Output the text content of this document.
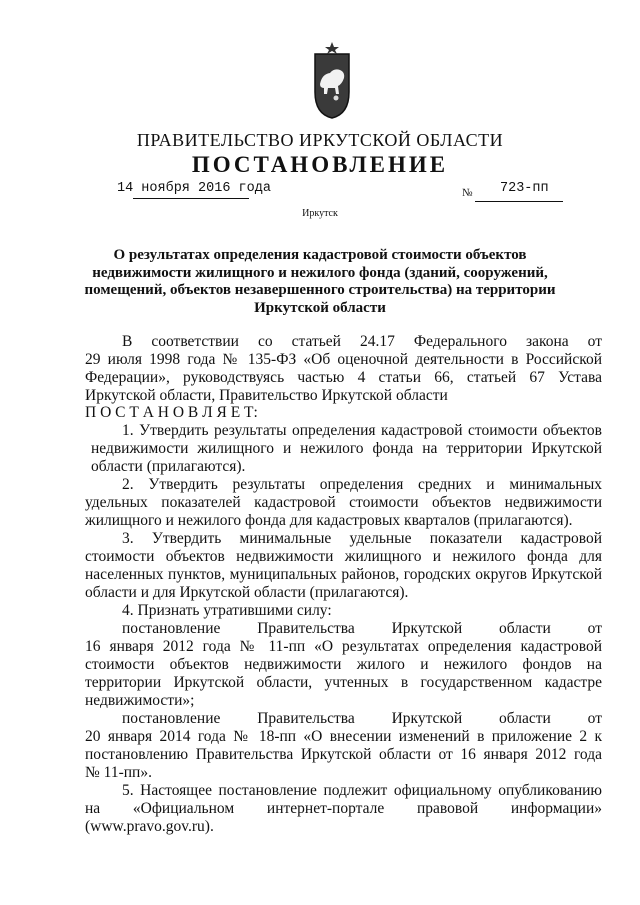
ПРАВИТЕЛЬСТВО ИРКУТСКОЙ ОБЛАСТИ
ПОСТАНОВЛЕНИЕ
14 ноября 2016 года	№ 723-пп
Иркутск
О результатах определения кадастровой стоимости объектов
недвижимости жилищного и нежилого фонда (зданий, сооружений,
помещений, объектов незавершенного строительства) на территории
Иркутской области
В соответствии со статьей 24.17 Федерального закона от
29 июля 1998 года № 135-ФЗ «Об оценочной деятельности в Российской
Федерации», руководствуясь частью 4 статьи 66, статьей 67 Устава
Иркутской области, Правительство Иркутской области
П О С Т А Н О В Л Я Е Т:
1. Утвердить результаты определения кадастровой стоимости объектов
недвижимости жилищного и нежилого фонда на территории Иркутской
области (прилагаются).
2. Утвердить результаты определения средних и минимальных
удельных показателей кадастровой стоимости объектов недвижимости
жилищного и нежилого фонда для кадастровых кварталов (прилагаются).
3. Утвердить минимальные удельные показатели кадастровой
стоимости объектов недвижимости жилищного и нежилого фонда для
населенных пунктов, муниципальных районов, городских округов Иркутской
области и для Иркутской области (прилагаются).
4. Признать утратившими силу:
постановление Правительства Иркутской области от
16 января 2012 года № 11-пп «О результатах определения кадастровой
стоимости объектов недвижимости жилого и нежилого фондов на
территории Иркутской области, учтенных в государственном кадастре
недвижимости»;
постановление Правительства Иркутской области от
20 января 2014 года № 18-пп «О внесении изменений в приложение 2 к
постановлению Правительства Иркутской области от 16 января 2012 года
№ 11-пп».
5. Настоящее постановление подлежит официальному опубликованию
на «Официальном интернет-портале правовой информации»
(www.pravo.gov.ru).
